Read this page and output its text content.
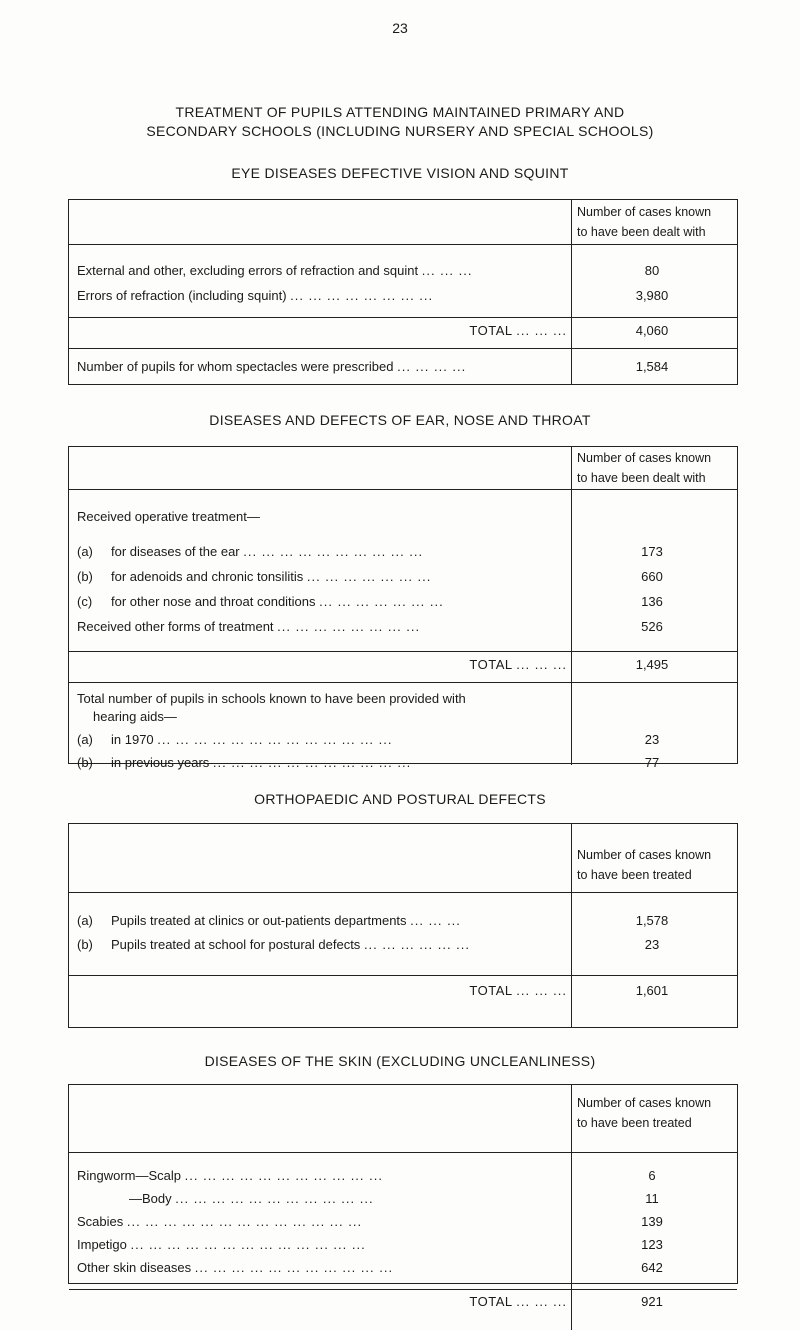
23
TREATMENT OF PUPILS ATTENDING MAINTAINED PRIMARY AND
SECONDARY SCHOOLS (INCLUDING NURSERY AND SPECIAL SCHOOLS)
EYE DISEASES DEFECTIVE VISION AND SQUINT
Number of cases known
to have been dealt with
External and other, excluding errors of refraction and squint ... ... ...	80
Errors of refraction (including squint) ... ... ... ... ... ... ... ...	3,980
TOTAL ... ... ...	4,060
Number of pupils for whom spectacles were prescribed ... ... ... ...	1,584
DISEASES AND DEFECTS OF EAR, NOSE AND THROAT
Number of cases known
to have been dealt with
Received operative treatment—
(a) for diseases of the ear ... ... ... ... ... ... ... ... ... ...	173
(b) for adenoids and chronic tonsilitis ... ... ... ... ... ... ...	660
(c) for other nose and throat conditions ... ... ... ... ... ... ...	136
Received other forms of treatment ... ... ... ... ... ... ... ...	526
TOTAL ... ... ...	1,495
Total number of pupils in schools known to have been provided with
hearing aids—
(a) in 1970 ... ... ... ... ... ... ... ... ... ... ... ... ...	23
(b) in previous years ... ... ... ... ... ... ... ... ... ... ...	77
ORTHOPAEDIC AND POSTURAL DEFECTS
Number of cases known
to have been treated
(a) Pupils treated at clinics or out-patients departments ... ... ...	1,578
(b) Pupils treated at school for postural defects ... ... ... ... ... ...	23
TOTAL ... ... ...	1,601
DISEASES OF THE SKIN (EXCLUDING UNCLEANLINESS)
Number of cases known
to have been treated
Ringworm—Scalp ... ... ... ... ... ... ... ... ... ... ...	6
—Body ... ... ... ... ... ... ... ... ... ... ...	11
Scabies ... ... ... ... ... ... ... ... ... ... ... ... ...	139
Impetigo ... ... ... ... ... ... ... ... ... ... ... ... ...	123
Other skin diseases ... ... ... ... ... ... ... ... ... ... ...	642
TOTAL ... ... ...	921
